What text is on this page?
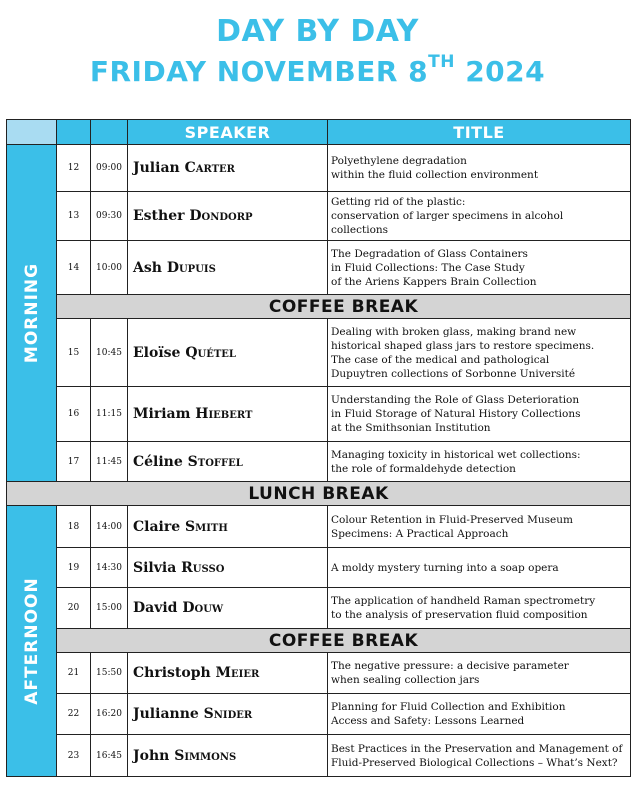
DAY BY DAY
FRIDAY NOVEMBER 8TH 2024
			SPEAKER	TITLE

MORNING	12	09:00	Julian Carter	Polyethylene degradation
within the fluid collection environment

	13	09:30	Esther Dondorp	Getting rid of the plastic:
conservation of larger specimens in alcohol
collections

	14	10:00	Ash Dupuis	The Degradation of Glass Containers
in Fluid Collections: The Case Study
of the Ariens Kappers Brain Collection

	COFFEE BREAK			
	15	10:45	Eloïse Quétel	Dealing with broken glass, making brand new
historical shaped glass jars to restore specimens.
The case of the medical and pathological
Dupuytren collections of Sorbonne Université

	16	11:15	Miriam Hiebert	Understanding the Role of Glass Deterioration
in Fluid Storage of Natural History Collections
at the Smithsonian Institution

	17	11:45	Céline Stoffel	Managing toxicity in historical wet collections:
the role of formaldehyde detection

LUNCH BREAK				

AFTERNOON	18	14:00	Claire Smith	Colour Retention in Fluid-Preserved Museum
Specimens: A Practical Approach

	19	14:30	Silvia Russo	A moldy mystery turning into a soap opera

	20	15:00	David Douw	The application of handheld Raman spectrometry
to the analysis of preservation fluid composition

	COFFEE BREAK			
	21	15:50	Christoph Meier	The negative pressure: a decisive parameter
when sealing collection jars

	22	16:20	Julianne Snider	Planning for Fluid Collection and Exhibition
Access and Safety: Lessons Learned

	23	16:45	John Simmons	Best Practices in the Preservation and Management of
Fluid-Preserved Biological Collections – What’s Next?
